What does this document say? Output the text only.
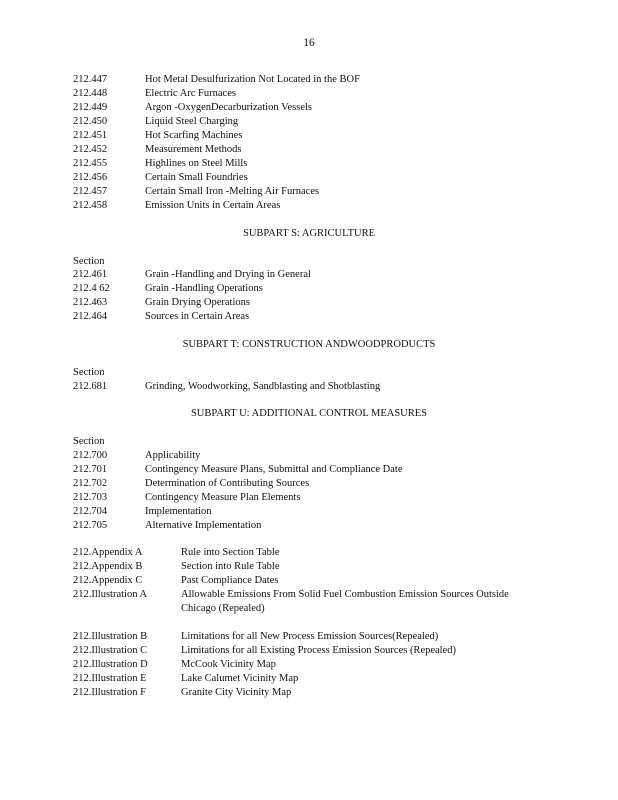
16
212.447	Hot Metal Desulfurization Not Located in the BOF
212.448	Electric Arc Furnaces
212.449	Argon -OxygenDecarburization Vessels
212.450	Liquid Steel Charging
212.451	Hot Scarfing Machines
212.452	Measurement Methods
212.455	Highlines on Steel Mills
212.456	Certain Small Foundries
212.457	Certain Small Iron -Melting Air Furnaces
212.458	Emission Units in Certain Areas
SUBPART S: AGRICULTURE
Section
212.461	Grain -Handling and Drying in General
212.4 62	Grain -Handling Operations
212.463	Grain Drying Operations
212.464	Sources in Certain Areas
SUBPART T: CONSTRUCTION ANDWOODPRODUCTS
Section
212.681	Grinding, Woodworking, Sandblasting and Shotblasting
SUBPART U: ADDITIONAL CONTROL MEASURES
Section
212.700	Applicability
212.701	Contingency Measure Plans, Submittal and Compliance Date
212.702	Determination of Contributing Sources
212.703	Contingency Measure Plan Elements
212.704	Implementation
212.705	Alternative Implementation
212.Appendix A	Rule into Section Table
212.Appendix B	Section into Rule Table
212.Appendix C	Past Compliance Dates
212.Illustration A	Allowable Emissions From Solid Fuel Combustion Emission Sources Outside Chicago (Repealed)
212.Illustration B	Limitations for all New Process Emission Sources(Repealed)
212.Illustration C	Limitations for all Existing Process Emission Sources (Repealed)
212.Illustration D	McCook Vicinity Map
212.Illustration E	Lake Calumet Vicinity Map
212.Illustration F	Granite City Vicinity Map
